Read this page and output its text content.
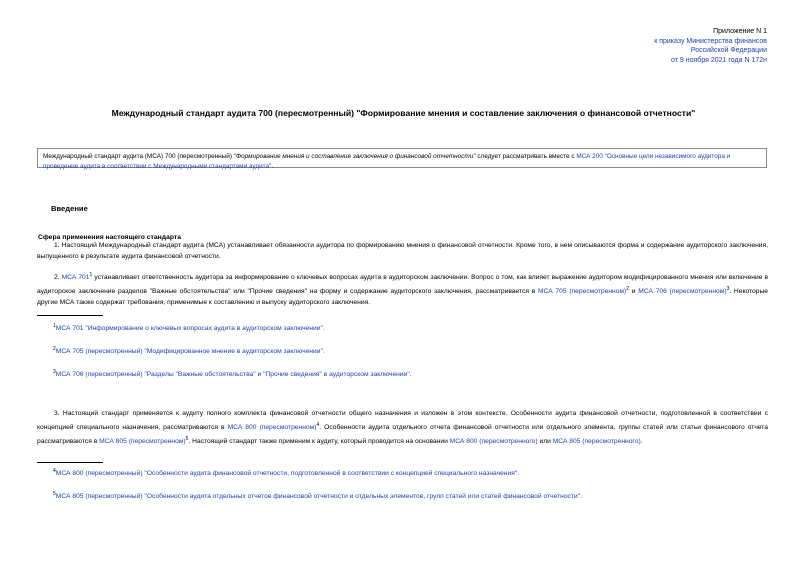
Приложение N 1
к приказу Министерства финансов
Российской Федерации
от 9 ноября 2021 года N 172н
Международный стандарт аудита 700 (пересмотренный) "Формирование мнения и составление заключения о финансовой отчетности"
Международный стандарт аудита (МСА) 700 (пересмотренный) "Формирование мнения и составление заключения о финансовой отчетности" следует рассматривать вместе с МСА 200 "Основные цели независимого аудитора и проведение аудита в соответствии с Международными стандартами аудита".
Введение
Сфера применения настоящего стандарта
1. Настоящий Международный стандарт аудита (МСА) устанавливает обязанности аудитора по формированию мнения о финансовой отчетности. Кроме того, в нем описываются форма и содержание аудиторского заключения, выпущенного в результате аудита финансовой отчетности.
2. МСА $701^1$ устанавливает ответственность аудитора за информирование о ключевых вопросах аудита в аудиторском заключении. Вопрос о том, как влияет выражение аудитором модифицированного мнения или включение в аудиторское заключение разделов "Важные обстоятельства" или "Прочие сведения" на форму и содержание аудиторского заключения, рассматривается в МСА 705 (пересмотренном)$^2$ и МСА 706 (пересмотренном)$^3$. Некоторые другие МСА также содержат требования, применимые к составлению и выпуску аудиторского заключения.
$^1$МСА 701 "Информирование о ключевых вопросах аудита в аудиторском заключении".
$^2$МСА 705 (пересмотренный) "Модифицированное мнение в аудиторском заключении".
$^3$МСА 706 (пересмотренный) "Разделы "Важные обстоятельства" и "Прочие сведения" в аудиторском заключении".
3. Настоящий стандарт применяется к аудиту полного комплекта финансовой отчетности общего назначения и изложен в этом контексте. Особенности аудита финансовой отчетности, подготовленной в соответствии с концепцией специального назначения, рассматриваются в МСА 800 (пересмотренном)$^4$. Особенности аудита отдельного отчета финансовой отчетности или отдельного элемента, группы статей или статьи финансового отчета рассматриваются в МСА 805 (пересмотренном)$^5$. Настоящий стандарт также применим к аудиту, который проводится на основании МСА 800 (пересмотренного) или МСА 805 (пересмотренного).
$^4$МСА 800 (пересмотренный) "Особенности аудита финансовой отчетности, подготовленной в соответствии с концепцией специального назначения".
$^5$МСА 805 (пересмотренный) "Особенности аудита отдельных отчетов финансовой отчетности и отдельных элементов, групп статей или статей финансовой отчетности".
